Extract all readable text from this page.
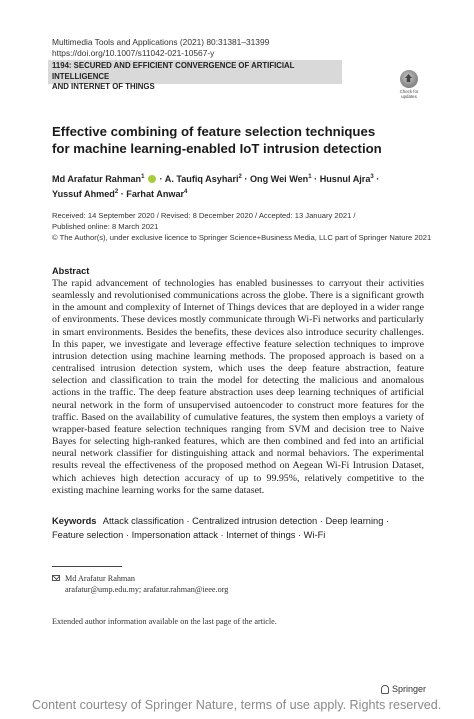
Multimedia Tools and Applications (2021) 80:31381–31399
https://doi.org/10.1007/s11042-021-10567-y
1194: SECURED AND EFFICIENT CONVERGENCE OF ARTIFICIAL INTELLIGENCE
AND INTERNET OF THINGS
Check for
updates
Effective combining of feature selection techniques
for machine learning-enabled IoT intrusion detection
Md Arafatur Rahman$^1$ · A. Taufiq Asyhari$^2$ · Ong Wei Wen$^1$ · Husnul Ajra$^3$ ·
Yussuf Ahmed$^2$ · Farhat Anwar$^4$
Received: 14 September 2020 / Revised: 8 December 2020 / Accepted: 13 January 2021 /
Published online: 8 March 2021
© The Author(s), under exclusive licence to Springer Science+Business Media, LLC part of Springer Nature 2021
Abstract

The rapid advancement of technologies has enabled businesses to carryout their activities seamlessly and revolutionised communications across the globe. There is a significant growth in the amount and complexity of Internet of Things devices that are deployed in a wider range of environments. These devices mostly communicate through Wi-Fi networks and particularly in smart environments. Besides the benefits, these devices also introduce security challenges. In this paper, we investigate and leverage effective feature selection techniques to improve intrusion detection using machine learning methods. The proposed approach is based on a centralised intrusion detection system, which uses the deep feature abstraction, feature selection and classification to train the model for detecting the malicious and anomalous actions in the traffic. The deep feature abstraction uses deep learning techniques of artificial neural network in the form of unsupervised autoencoder to construct more features for the traffic. Based on the availability of cumulative features, the system then employs a variety of wrapper-based feature selection techniques ranging from SVM and decision tree to Naive Bayes for selecting high-ranked features, which are then combined and fed into an artificial neural network classifier for distinguishing attack and normal behaviors. The experimental results reveal the effectiveness of the proposed method on Aegean Wi-Fi Intrusion Dataset, which achieves high detection accuracy of up to 99.95%, relatively competitive to the existing machine learning works for the same dataset.

Keywords Attack classification · Centralized intrusion detection · Deep learning ·
Feature selection · Impersonation attack · Internet of things · Wi-Fi
Md Arafatur Rahman
arafatur@ump.edu.my; arafatur.rahman@ieee.org
Extended author information available on the last page of the article.
Springer
Content courtesy of Springer Nature, terms of use apply. Rights reserved.
